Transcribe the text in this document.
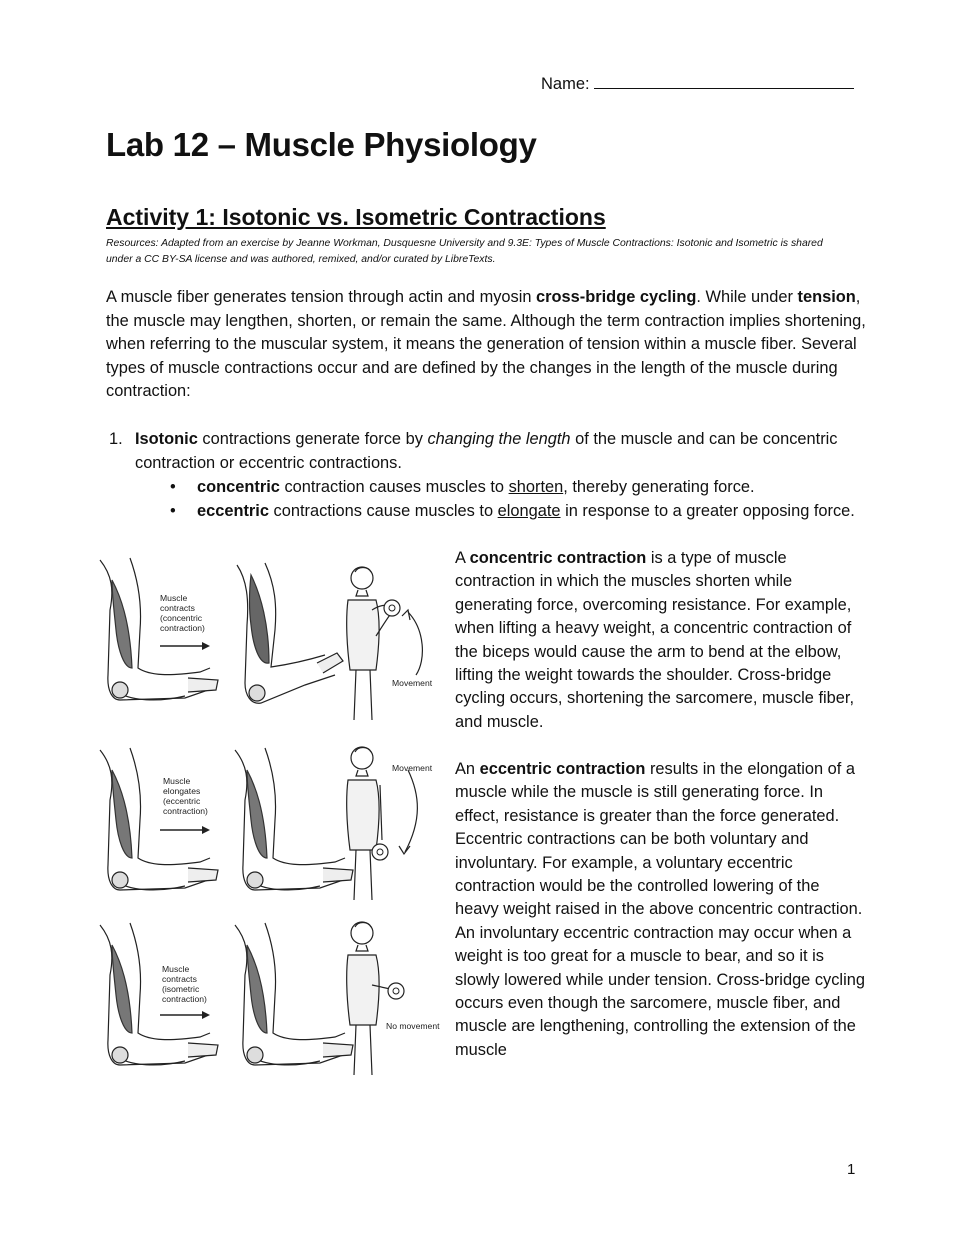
Name:
Lab 12 – Muscle Physiology
Activity 1: Isotonic vs. Isometric Contractions
Resources: Adapted from an exercise by Jeanne Workman, Dusquesne University and 9.3E: Types of Muscle Contractions: Isotonic and Isometric is shared under a CC BY-SA license and was authored, remixed, and/or curated by LibreTexts.

A muscle fiber generates tension through actin and myosin cross-bridge cycling. While under tension, the muscle may lengthen, shorten, or remain the same. Although the term contraction implies shortening, when referring to the muscular system, it means the generation of tension within a muscle fiber. Several types of muscle contractions occur and are defined by the changes in the length of the muscle during contraction:

1. Isotonic contractions generate force by changing the length of the muscle and can be concentric contraction or eccentric contractions.
• concentric contraction causes muscles to shorten, thereby generating force.
• eccentric contractions cause muscles to elongate in response to a greater opposing force.
Muscle
contracts
(concentric
contraction)
Movement
Muscle
elongates
(eccentric
contraction)
Movement
Muscle
contracts
(isometric
contraction)
No movement

A concentric contraction is a type of muscle contraction in which the muscles shorten while generating force, overcoming resistance. For example, when lifting a heavy weight, a concentric contraction of the biceps would cause the arm to bend at the elbow, lifting the weight towards the shoulder. Cross-bridge cycling occurs, shortening the sarcomere, muscle fiber, and muscle.

An eccentric contraction results in the elongation of a muscle while the muscle is still generating force. In effect, resistance is greater than the force generated. Eccentric contractions can be both voluntary and involuntary. For example, a voluntary eccentric contraction would be the controlled lowering of the heavy weight raised in the above concentric contraction. An involuntary eccentric contraction may occur when a weight is too great for a muscle to bear, and so it is slowly lowered while under tension. Cross-bridge cycling occurs even though the sarcomere, muscle fiber, and muscle are lengthening, controlling the extension of the muscle

1
